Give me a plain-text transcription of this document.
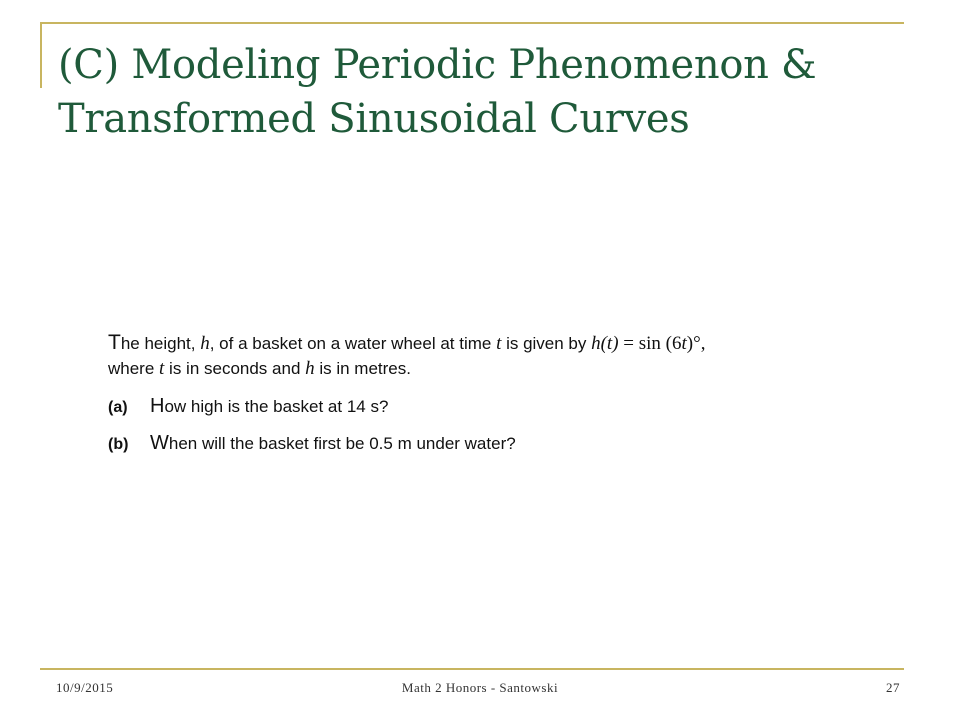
(C) Modeling Periodic Phenomenon & Transformed Sinusoidal Curves

The height, h, of a basket on a water wheel at time t is given by h(t) = sin (6t)°,
where t is in seconds and h is in metres.

(a)	How high is the basket at 14 s?
(b)	When will the basket first be 0.5 m under water?
10/9/2015	Math 2 Honors - Santowski	27
